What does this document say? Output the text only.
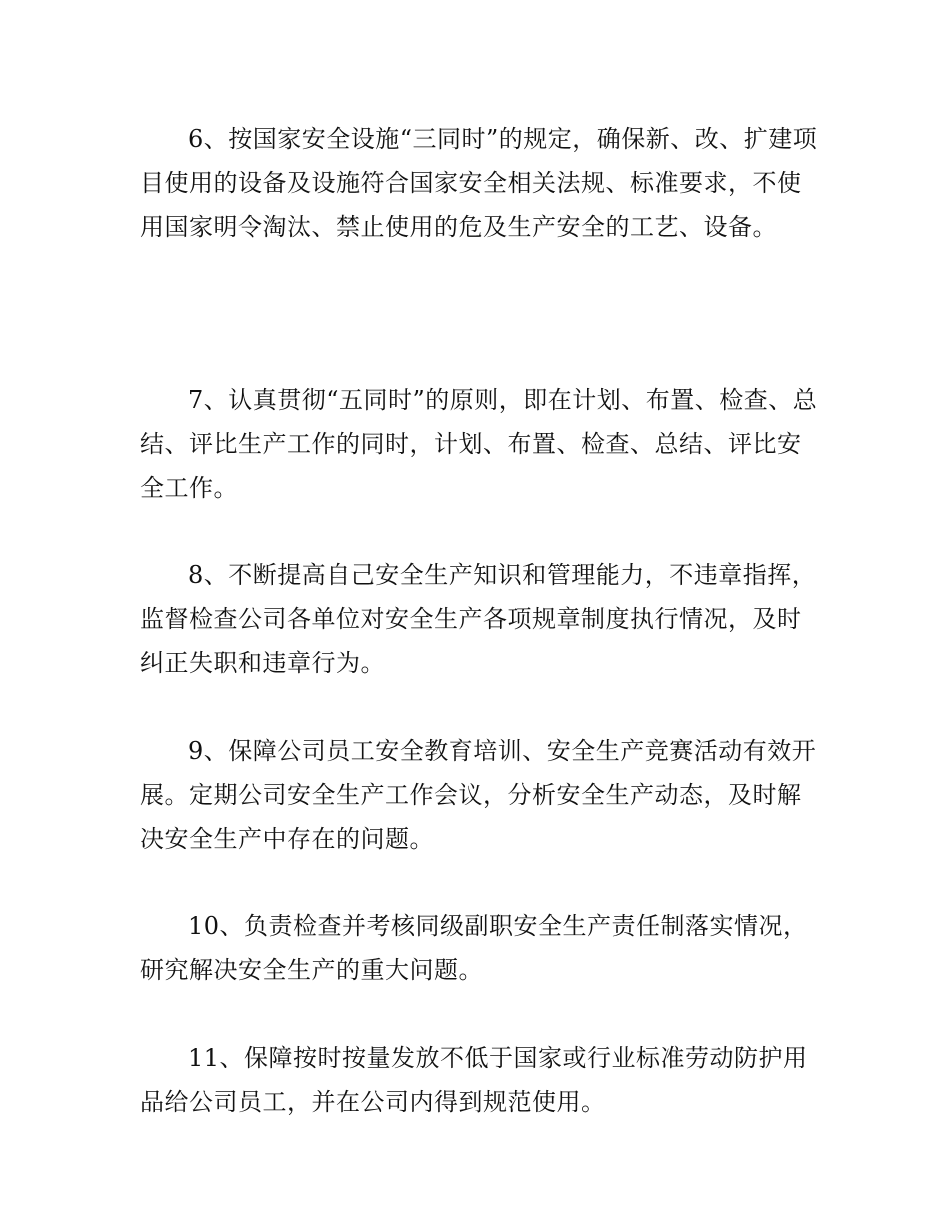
6、按国家安全设施“三同时”的规定，确保新、改、扩建项目使用的设备及设施符合国家安全相关法规、标准要求，不使用国家明令淘汰、禁止使用的危及生产安全的工艺、设备。

7、认真贯彻“五同时”的原则，即在计划、布置、检查、总结、评比生产工作的同时，计划、布置、检查、总结、评比安全工作。

8、不断提高自己安全生产知识和管理能力，不违章指挥，监督检查公司各单位对安全生产各项规章制度执行情况，及时纠正失职和违章行为。

9、保障公司员工安全教育培训、安全生产竞赛活动有效开展。定期公司安全生产工作会议，分析安全生产动态，及时解决安全生产中存在的问题。

10、负责检查并考核同级副职安全生产责任制落实情况，研究解决安全生产的重大问题。

11、保障按时按量发放不低于国家或行业标准劳动防护用品给公司员工，并在公司内得到规范使用。
